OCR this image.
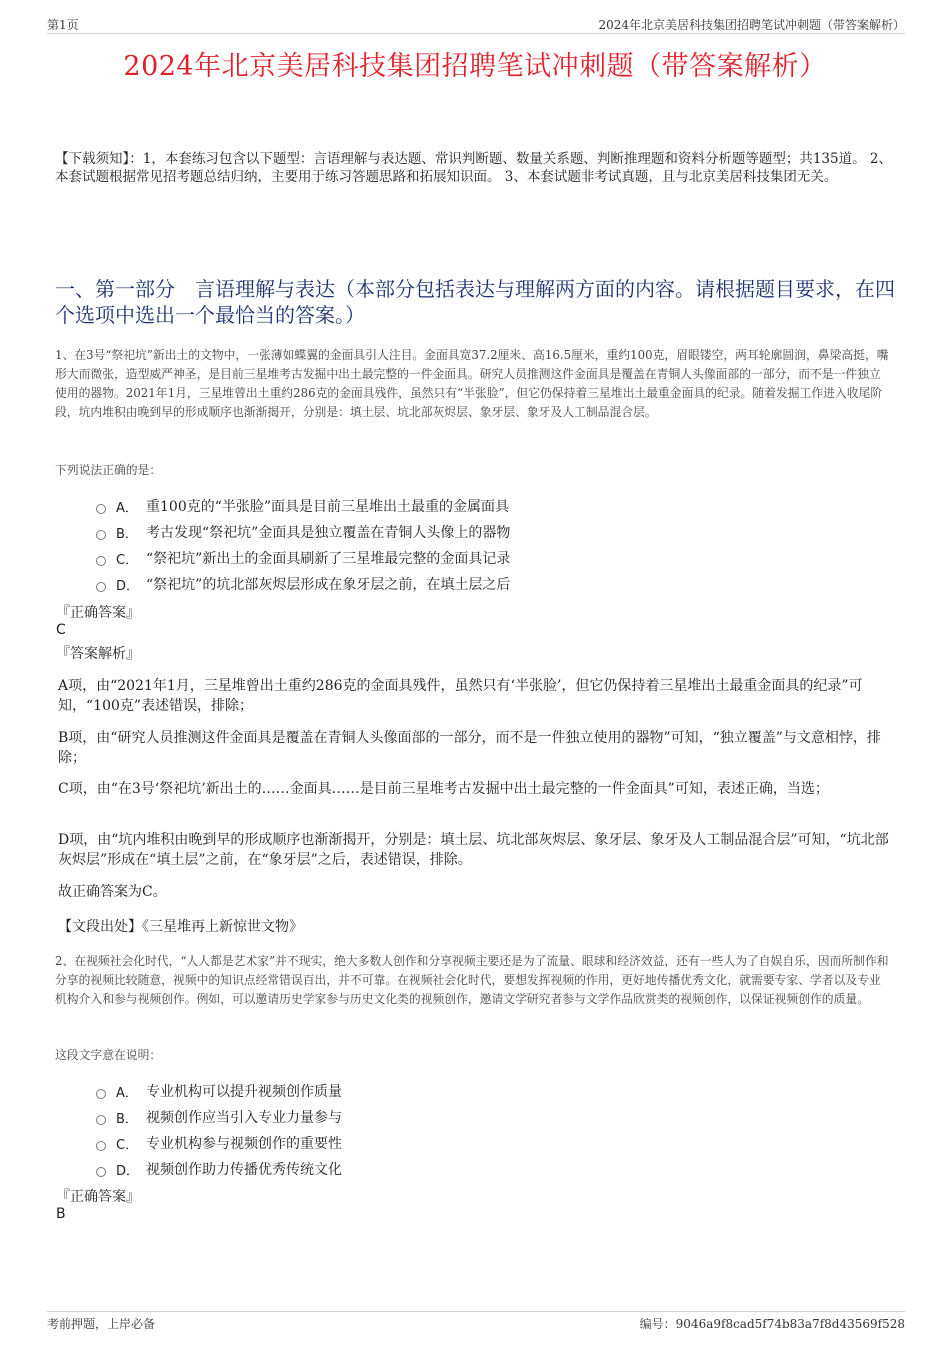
第1页	2024年北京美居科技集团招聘笔试冲刺题（带答案解析）
2024年北京美居科技集团招聘笔试冲刺题（带答案解析）
【下载须知】：1，本套练习包含以下题型：言语理解与表达题、常识判断题、数量关系题、判断推理题和资料分析题等题型；共135道。 2、本套试题根据常见招考题总结归纳，主要用于练习答题思路和拓展知识面。 3、本套试题非考试真题，且与北京美居科技集团无关。
一、第一部分　言语理解与表达（本部分包括表达与理解两方面的内容。请根据题目要求，在四个选项中选出一个最恰当的答案。）
1、在3号“祭祀坑”新出土的文物中，一张薄如蝶翼的金面具引人注目。金面具宽37.2厘米、高16.5厘米，重约100克，眉眼镂空，两耳轮廓圆润，鼻梁高挺，嘴形大而微张，造型威严神圣，是目前三星堆考古发掘中出土最完整的一件金面具。研究人员推测这件金面具是覆盖在青铜人头像面部的一部分，而不是一件独立使用的器物。2021年1月，三星堆曾出土重约286克的金面具残件，虽然只有“半张脸”，但它仍保持着三星堆出土最重金面具的纪录。随着发掘工作进入收尾阶段，坑内堆积由晚到早的形成顺序也渐渐揭开，分别是：填土层、坑北部灰烬层、象牙层、象牙及人工制品混合层。
下列说法正确的是：
A． 重100克的“半张脸”面具是目前三星堆出土最重的金属面具
B． 考古发现“祭祀坑”金面具是独立覆盖在青铜人头像上的器物
C． “祭祀坑”新出土的金面具刷新了三星堆最完整的金面具记录
D． “祭祀坑”的坑北部灰烬层形成在象牙层之前，在填土层之后
『正确答案』
C
『答案解析』
A项，由“2021年1月，三星堆曾出土重约286克的金面具残件，虽然只有‘半张脸’，但它仍保持着三星堆出土最重金面具的纪录”可知，“100克”表述错误，排除；
B项，由“研究人员推测这件金面具是覆盖在青铜人头像面部的一部分，而不是一件独立使用的器物”可知，“独立覆盖”与文意相悖，排除；
C项，由“在3号‘祭祀坑’新出土的……金面具……是目前三星堆考古发掘中出土最完整的一件金面具”可知，表述正确，当选；
D项，由“坑内堆积由晚到早的形成顺序也渐渐揭开，分别是：填土层、坑北部灰烬层、象牙层、象牙及人工制品混合层”可知，“坑北部灰烬层”形成在“填土层”之前，在“象牙层”之后，表述错误，排除。
故正确答案为C。
【文段出处】《三星堆再上新惊世文物》
2、在视频社会化时代，“人人都是艺术家”并不现实，绝大多数人创作和分享视频主要还是为了流量、眼球和经济效益，还有一些人为了自娱自乐，因而所制作和分享的视频比较随意，视频中的知识点经常错误百出，并不可靠。在视频社会化时代，要想发挥视频的作用，更好地传播优秀文化，就需要专家、学者以及专业机构介入和参与视频创作。例如，可以邀请历史学家参与历史文化类的视频创作，邀请文学研究者参与文学作品欣赏类的视频创作，以保证视频创作的质量。
这段文字意在说明：
A． 专业机构可以提升视频创作质量
B． 视频创作应当引入专业力量参与
C． 专业机构参与视频创作的重要性
D． 视频创作助力传播优秀传统文化
『正确答案』
B
考前押题，上岸必备	编号：9046a9f8cad5f74b83a7f8d43569f528
